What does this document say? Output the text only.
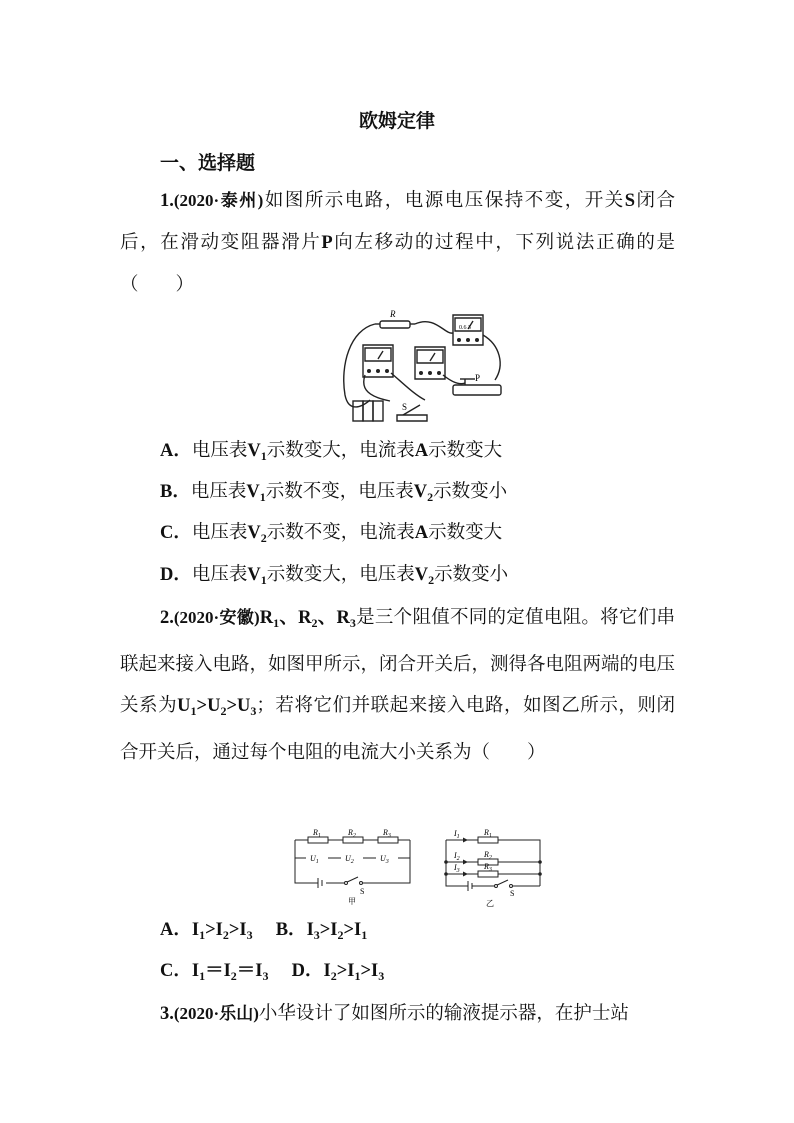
欧姆定律
一、选择题
1.(2020·泰州)如图所示电路，电源电压保持不变，开关S闭合后，在滑动变阻器滑片P向左移动的过程中，下列说法正确的是（　　）
R
0.6 3
P
S
A．电压表$V_1$示数变大，电流表A示数变大
B．电压表$V_1$示数不变，电压表$V_2$示数变小
C．电压表$V_2$示数不变，电流表A示数变大
D．电压表$V_1$示数变大，电压表$V_2$示数变小
2.(2020·安徽)$R_1$、$R_2$、$R_3$是三个阻值不同的定值电阻。将它们串联起来接入电路，如图甲所示，闭合开关后，测得各电阻两端的电压关系为$U_1>U_2>U_3$；若将它们并联起来接入电路，如图乙所示，则闭合开关后，通过每个电阻的电流大小关系为（　　）
$R_1$	$R_2$	$R_3$
$U_1$	$U_2$	$U_3$
S
甲
$I_1$
$I_2$
$I_3$
$R_1$
$R_2$
$R_3$
S
乙
A．$I_1>I_2>I_3$　 B．$I_3>I_2>I_1$
C．$I_1=I_2=I_3$　 D．$I_2>I_1>I_3$
3.(2020·乐山)小华设计了如图所示的输液提示器，在护士站
